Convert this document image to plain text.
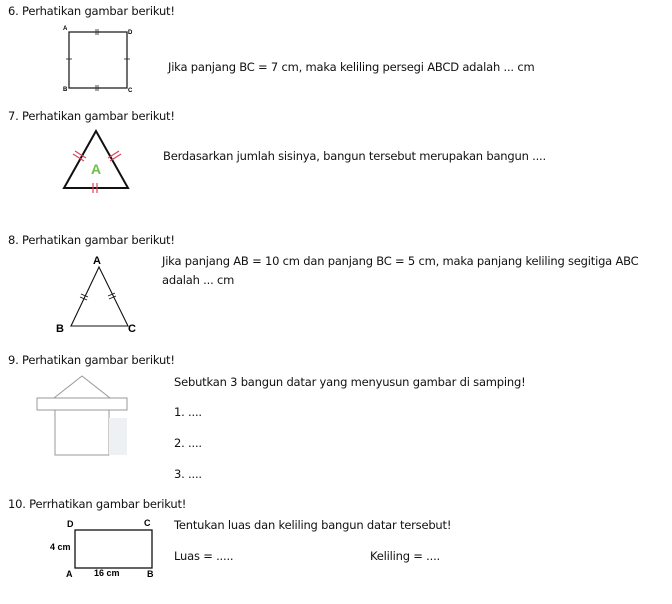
6. Perhatikan gambar berikut!
A
D
B	C
Jika panjang BC = 7 cm, maka keliling persegi ABCD adalah ... cm
7. Perhatikan gambar berikut!
A
Berdasarkan jumlah sisinya, bangun tersebut merupakan bangun ....
8. Perhatikan gambar berikut!
A
B	C
Jika panjang AB = 10 cm dan panjang BC = 5 cm, maka panjang keliling segitiga ABC
adalah ... cm
9. Perhatikan gambar berikut!
Sebutkan 3 bangun datar yang menyusun gambar di samping!
1. ....
2. ....
3. ....
10. Perrhatikan gambar berikut!
D	C
4 cm
A 16 cm	B
Tentukan luas dan keliling bangun datar tersebut!
Luas = .....	Keliling = ....
